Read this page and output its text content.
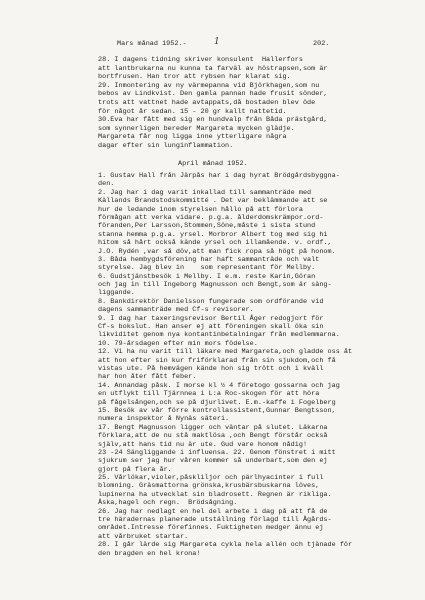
Mars månad 1952.-	1	202.
28. I dagens tidning skriver konsulent  Hallerfors
att lantbrukarna nu kunna ta farväl av höstrapsen,som är
bortfrusen. Han tror att rybsen har klarat sig.
29. Inmontering av ny värmepanna vid Björkhagen,som nu
bebos av Lindkvist. Den gamla pannan hade frusit sönder,
trots att vattnet hade avtappats,då bostaden blev öde
för något år sedan. 15 - 20 gr kallt nattetid.
30.Eva har fått med sig en hundvalp från Båda prästgård,
som synnerligen bereder Margareta mycken glädje.
Margareta får nog ligga inne ytterligare några
dagar efter sin lunginflammation.
April månad 1952.
1. Gustav Hall från Järpås har i dag hyrat Brödgårdsbyggna-
den.
2. Jag har i dag varit inkallad till sammanträde med
Källands Brandstodskommitté . Det var beklämmande att se
hur de ledande inom styrelsen hållo på att förlora
förmågan att verka vidare. p.g.a. ålderdomskrämpor.ord-
föranden,Per Larsson,Stommen,Söne,måste i sista stund
stanna hemma p.g.a. yrsel. Morbror Albert tog med sig hi
hitom så hårt också kände yrsel och illamående. v. ordf.,
J.O. Rydén ,var så döv,att man fick ropa så högt på honom.
3. Båda hembygdsförening har haft sammanträde och valt
styrelse. Jag blev in    som representant för Mellby.
6. Gudstjänstbesök i Mellby. I e.m. reste Karin,Göran
och jag in till Ingeborg Magnusson och Bengt,som är säng-
liggande.
8. Bankdirektör Danielsson fungerade som ordförande vid
dagens sammanträde med Cf-s revisorer.
9. I dag har taxeringsrevisor Bertil Åger redogjort för
Cf-s bokslut. Han anser ej att föreningen skall öka sin
likviditet genom nya kontantinbetalningar från medlemmarna.
10. 79-årsdagen efter min mors födelse.
12. Vi ha nu varit till läkare med Margareta,och gladde oss åt
att hon efter sin kur friförklarad från sin sjukdom,och få
vistas ute. På hemvägen kände hon sig trött och i kväll
har hon åter fått feber.
14. Annandag påsk. I morse kl ½ 4 företogo gossarna och jag
en utflykt till Tjärnnea i L:a Roc-skogen för att höra
på fågelsången,och se på djurlivet. E.m.-kaffe i Fogelberg
15. Besök av vår förre kontrollassistent,Gunnar Bengtsson,
numera inspektor å Nynäs säteri.
17. Bengt Magnusson ligger och väntar på slutet. Läkarna
förklara,att de nu stå maktlösa ,och Bengt förstår också
själv,att hans tid nu är ute. Gud vare honom nådig!
23 -24 Sängliggande i influensa. 22. Genom fönstret i mitt
sjukrum ser jag hur våren kommer så underbart,som den ej
gjort på flera år.
25. Vårlökar,violer,påskliljor och pärlhyacinter i full
blomning. Gräsmattorna grönska,krusbärsbuskarna löves,
lupinerna ha utvecklat sin bladrosett. Regnen är rikliga.
Åska,hagel och regn.  Brödsågning.
26. Jag har nedlagt en hel del arbete i dag på att få de
tre häradernas planerade utställning förlagd till Ågårds-
området.Intresse förefinnes. Fuktigheten medger ännu ej
att vårbruket startar.
28. I går lärde sig Margareta cykla hela allén och tjänade för
den bragden en hel krona!
